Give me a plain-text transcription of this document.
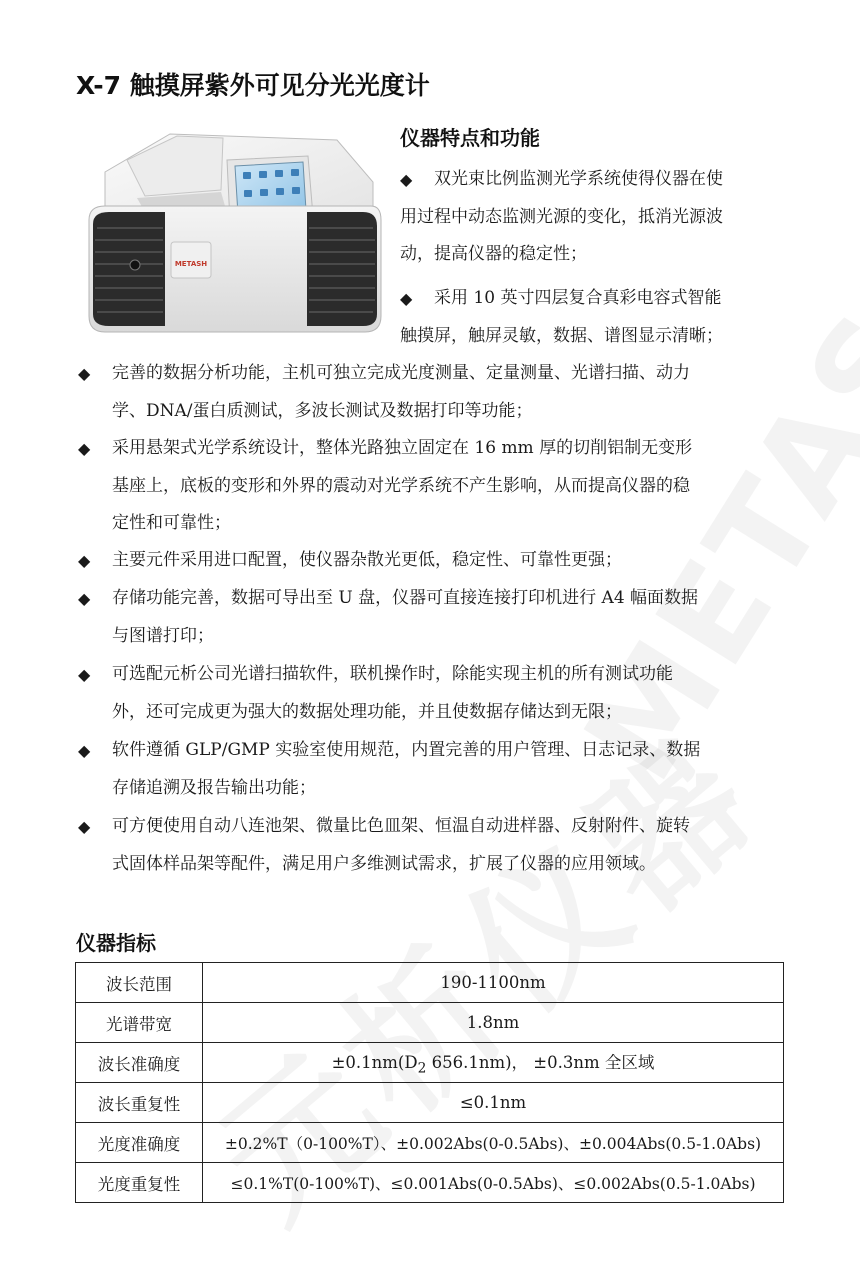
X-7 触摸屏紫外可见分光光度计
METASH
仪器特点和功能
◆ 双光束比例监测光学系统使得仪器在使
用过程中动态监测光源的变化，抵消光源波
动，提高仪器的稳定性；
◆ 采用 10 英寸四层复合真彩电容式智能
触摸屏，触屏灵敏，数据、谱图显示清晰；
◆ 完善的数据分析功能，主机可独立完成光度测量、定量测量、光谱扫描、动力
学、DNA/蛋白质测试，多波长测试及数据打印等功能；
◆ 采用悬架式光学系统设计，整体光路独立固定在 16 mm 厚的切削铝制无变形
基座上，底板的变形和外界的震动对光学系统不产生影响，从而提高仪器的稳
定性和可靠性；
◆ 主要元件采用进口配置，使仪器杂散光更低，稳定性、可靠性更强；
◆ 存储功能完善，数据可导出至 U 盘，仪器可直接连接打印机进行 A4 幅面数据
与图谱打印；
◆ 可选配元析公司光谱扫描软件，联机操作时，除能实现主机的所有测试功能
外，还可完成更为强大的数据处理功能，并且使数据存储达到无限；
◆ 软件遵循 GLP/GMP 实验室使用规范，内置完善的用户管理、日志记录、数据
存储追溯及报告输出功能；
◆ 可方便使用自动八连池架、微量比色皿架、恒温自动进样器、反射附件、旋转
式固体样品架等配件，满足用户多维测试需求，扩展了仪器的应用领域。
仪器指标
波长范围	190-1100nm
光谱带宽	1.8nm
波长准确度	$\pm 0.1nm(D_2$ 656.1nm)， ±0.3nm 全区域
波长重复性	≤0.1nm
光度准确度	±0.2%T（0-100%T）、±0.002Abs(0-0.5Abs)、±0.004Abs(0.5-1.0Abs)
光度重复性	≤0.1%T(0-100%T)、≤0.001Abs(0-0.5Abs)、≤0.002Abs(0.5-1.0Abs)
